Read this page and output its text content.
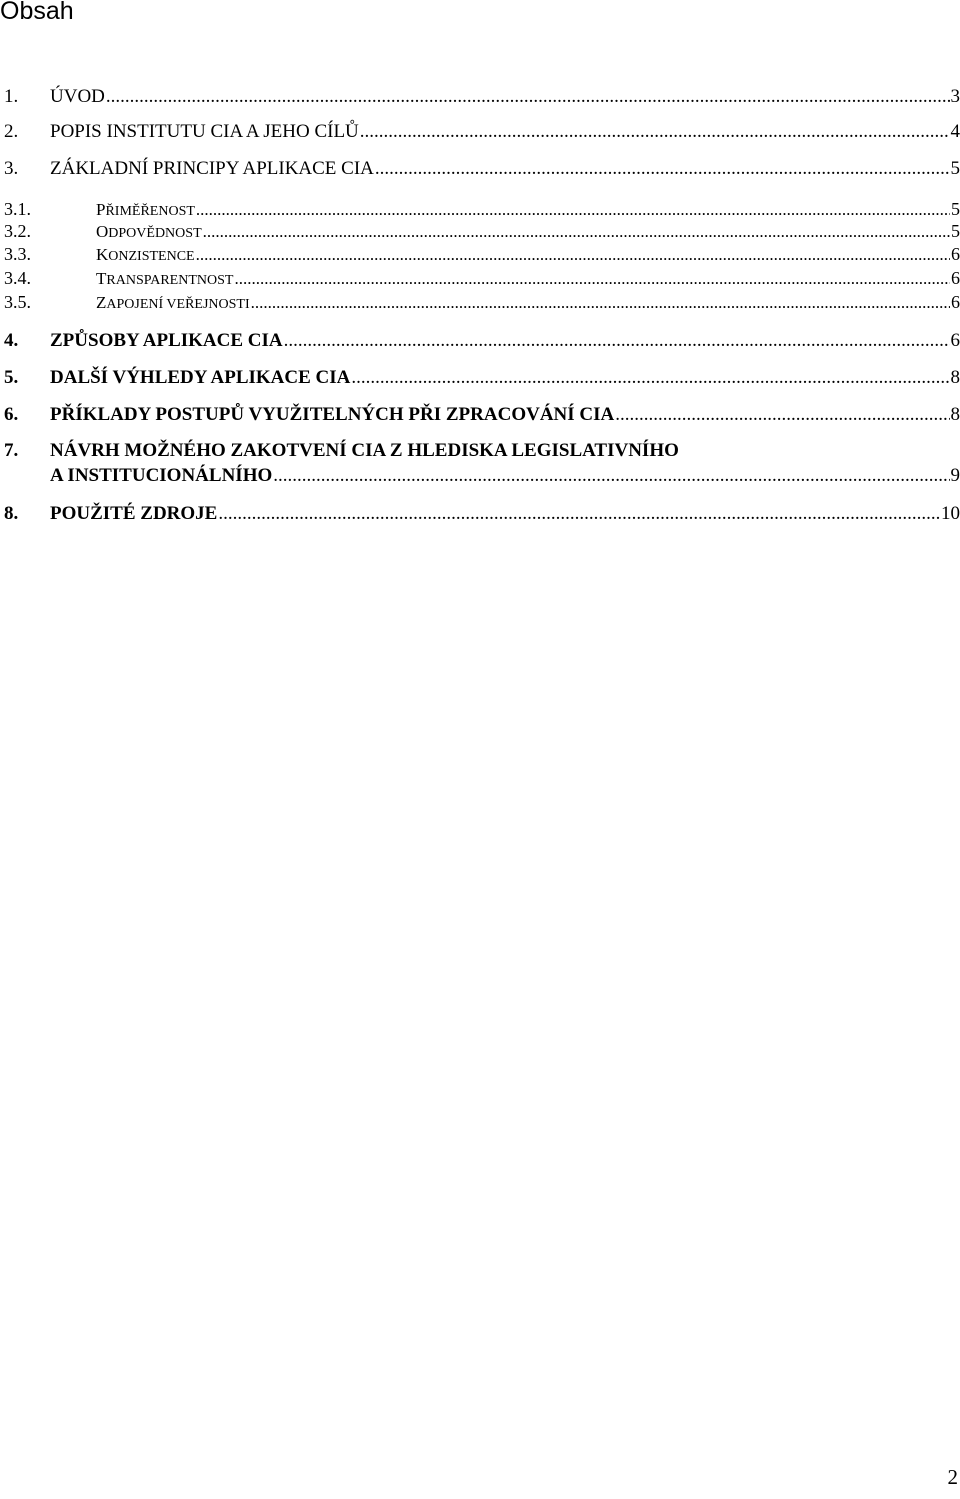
Obsah
1.	ÚVOD .....	3
2.	POPIS INSTITUTU CIA A JEHO CÍLŮ .....	4
3.	ZÁKLADNÍ PRINCIPY APLIKACE CIA .....	5
3.1.	PŘIMĚŘENOST .....	5
3.2.	ODPOVĚDNOST .....	5
3.3.	KONZISTENCE .....	6
3.4.	TRANSPARENTNOST .....	6
3.5.	ZAPOJENÍ VEŘEJNOSTI .....	6
4.	ZPŮSOBY APLIKACE CIA .....	6
5.	DALŠÍ VÝHLEDY APLIKACE CIA .....	8
6.	PŘÍKLADY POSTUPŮ VYUŽITELNÝCH PŘI ZPRACOVÁNÍ CIA .....	8
7.	NÁVRH MOŽNÉHO ZAKOTVENÍ CIA Z HLEDISKA LEGISLATIVNÍHO
A INSTITUCIONÁLNÍHO .....	9
8.	POUŽITÉ ZDROJE .....	10
2
